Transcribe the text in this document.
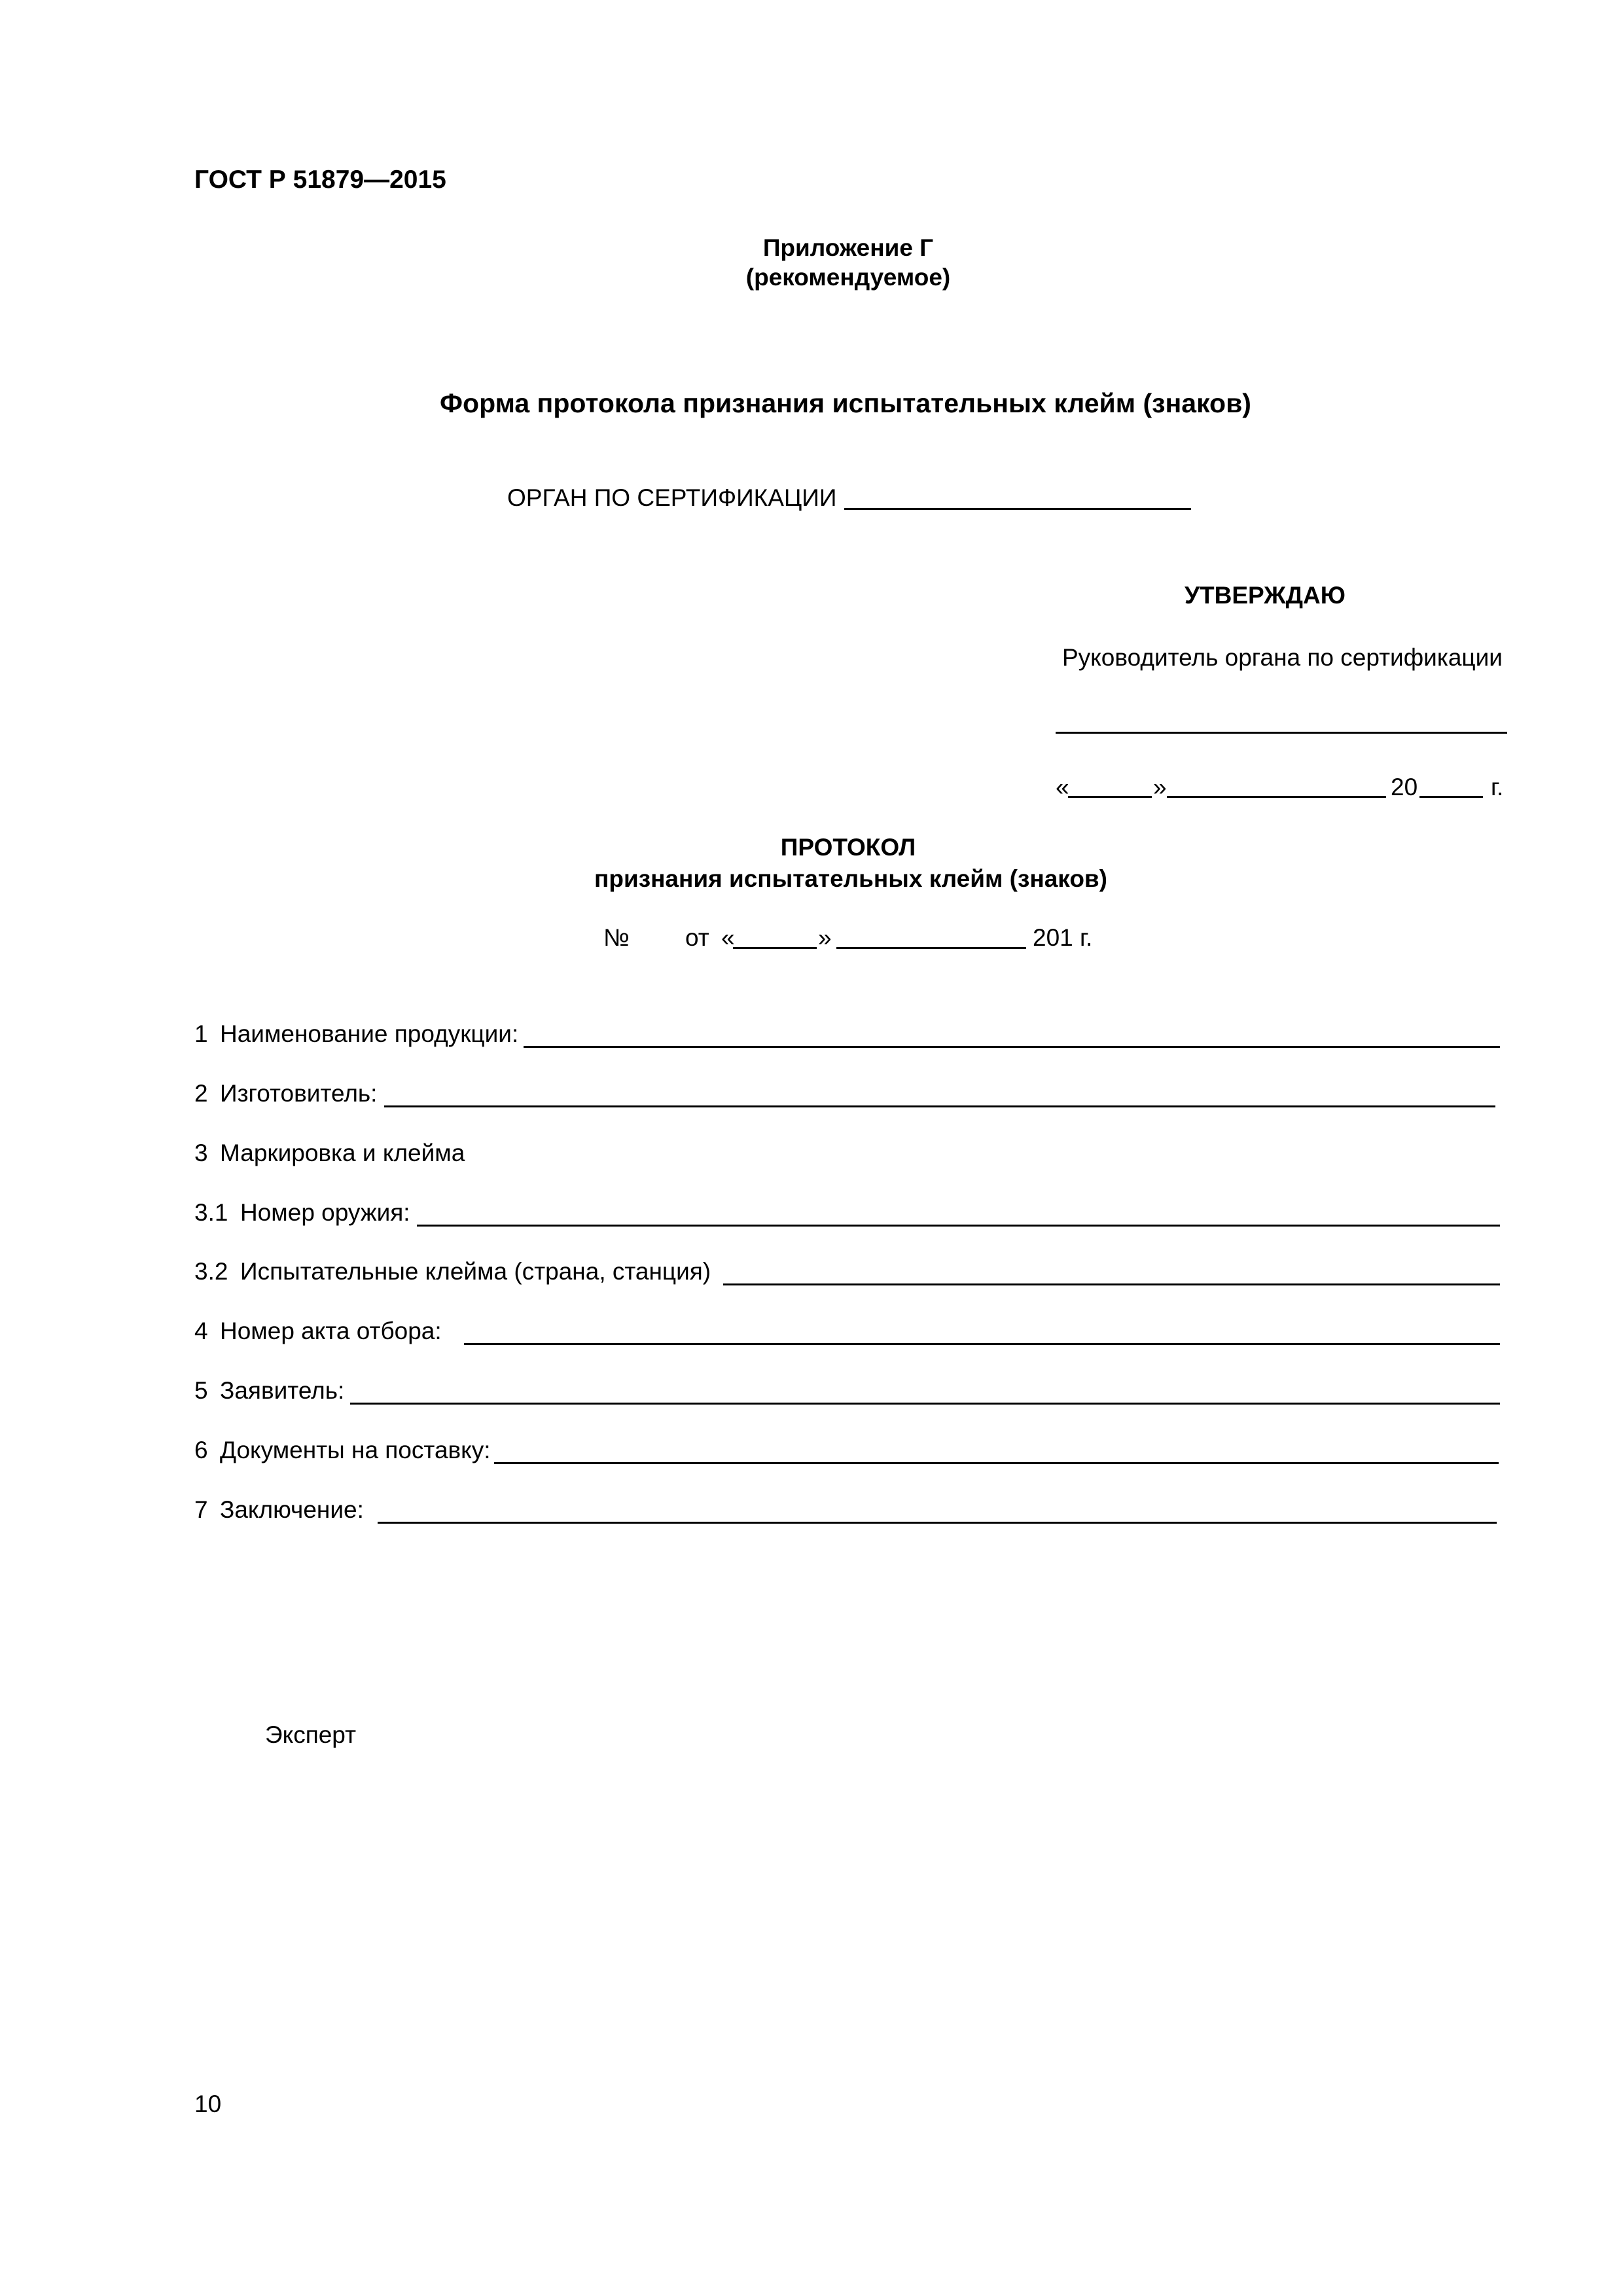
ГОСТ Р 51879—2015
Приложение Г
(рекомендуемое)
Форма протокола признания испытательных клейм (знаков)
ОРГАН ПО СЕРТИФИКАЦИИ
УТВЕРЖДАЮ
Руководитель органа по сертификации
«	»	20	г.
ПРОТОКОЛ
признания испытательных клейм (знаков)
№ от «	»	201 г.
1 Наименование продукции:
2 Изготовитель:
3 Маркировка и клейма
3.1 Номер оружия:
3.2 Испытательные клейма (страна, станция)
4 Номер акта отбора:
5 Заявитель:
6 Документы на поставку:
7 Заключение:
Эксперт
10
